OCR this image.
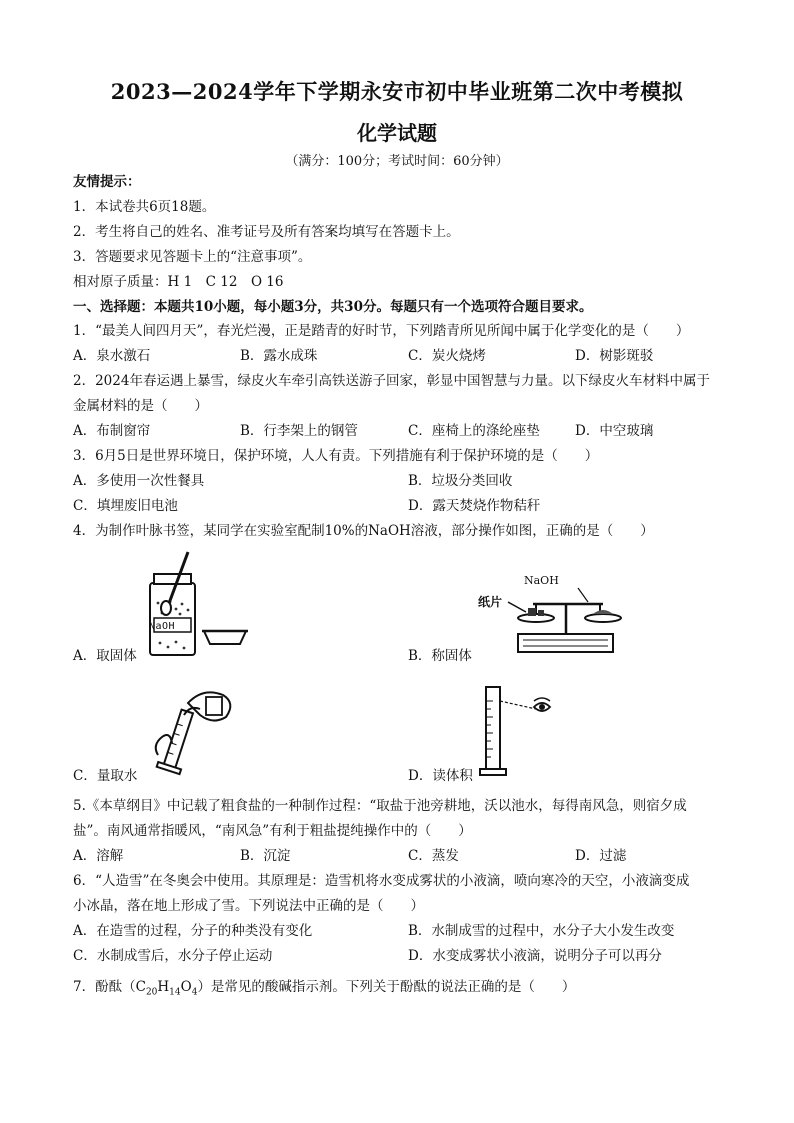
2023—2024学年下学期永安市初中毕业班第二次中考模拟
化学试题
（满分：100分；考试时间：60分钟）
友情提示：
1．本试卷共6页18题。
2．考生将自己的姓名、准考证号及所有答案均填写在答题卡上。
3．答题要求见答题卡上的“注意事项”。
相对原子质量：H 1　C 12　O 16
一、选择题：本题共10小题，每小题3分，共30分。每题只有一个选项符合题目要求。
1．“最美人间四月天”，春光烂漫，正是踏青的好时节，下列踏青所见所闻中属于化学变化的是（　　）
A．泉水激石	B．露水成珠	C．炭火烧烤	D．树影斑驳
2．2024年春运遇上暴雪，绿皮火车牵引高铁送游子回家，彰显中国智慧与力量。以下绿皮火车材料中属于
金属材料的是（　　）
A．布制窗帘	B．行李架上的钢管	C．座椅上的涤纶座垫	D．中空玻璃
3．6月5日是世界环境日，保护环境，人人有责。下列措施有利于保护环境的是（　　）
A．多使用一次性餐具	B．垃圾分类回收
C．填埋废旧电池	D．露天焚烧作物秸秆
4．为制作叶脉书签，某同学在实验室配制10%的NaOH溶液，部分操作如图，正确的是（　　）
NaOH
A．取固体
NaOH
纸片
B．称固体
C．量取水	D．读体积
5.《本草纲目》中记载了粗食盐的一种制作过程：“取盐于池旁耕地，沃以池水，每得南风急，则宿夕成
盐”。南风通常指暖风，“南风急”有利于粗盐提纯操作中的（　　）
A．溶解	B．沉淀	C．蒸发	D．过滤
6．“人造雪”在冬奥会中使用。其原理是：造雪机将水变成雾状的小液滴，喷向寒冷的天空，小液滴变成
小冰晶，落在地上形成了雪。下列说法中正确的是（　　）
A．在造雪的过程，分子的种类没有变化	B．水制成雪的过程中，水分子大小发生改变
C．水制成雪后，水分子停止运动	D．水变成雾状小液滴，说明分子可以再分
7．酚酞$(C_{20}H_{14}O_4)$是常见的酸碱指示剂。下列关于酚酞的说法正确的是（　　）
